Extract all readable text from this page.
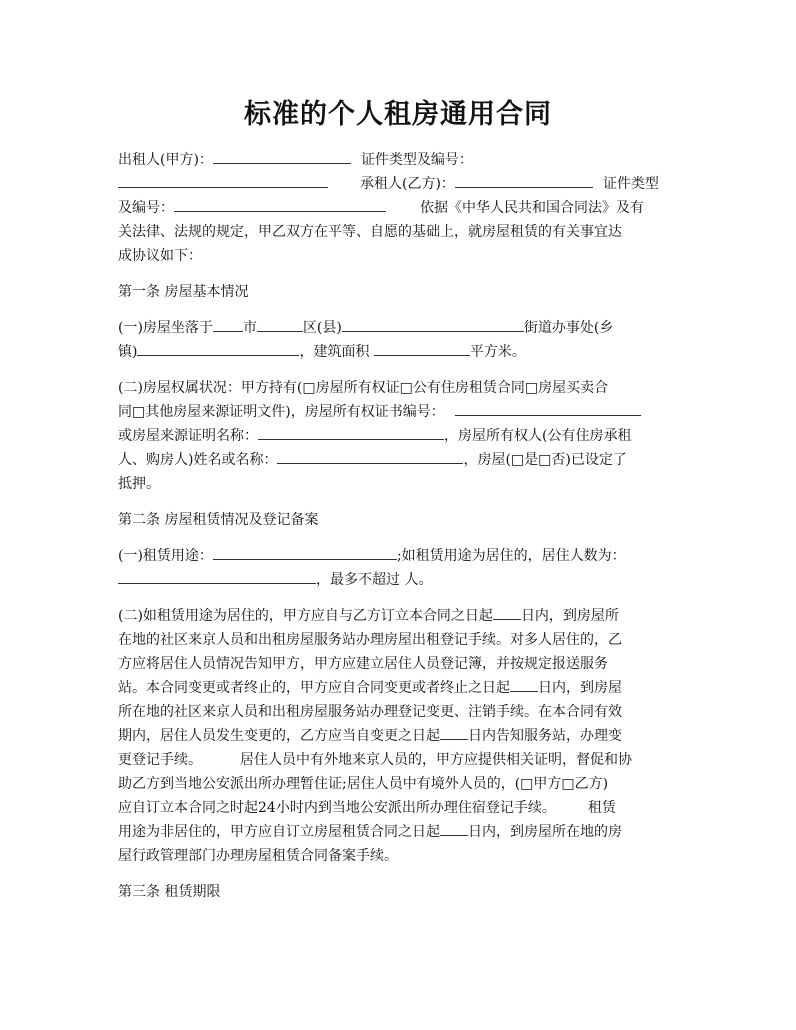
标准的个人租房通用合同
出租人(甲方)：	证件类型及编号：
承租人(乙方)：	证件类型
及编号：	依据《中华人民共和国合同法》及有
关法律、法规的规定，甲乙双方在平等、自愿的基础上，就房屋租赁的有关事宜达
成协议如下：
第一条 房屋基本情况
(一)房屋坐落于 市	区(县)	街道办事处(乡
镇)	，建筑面积	平方米。
(二)房屋权属状况：甲方持有(□房屋所有权证□公有住房租赁合同□房屋买卖合
同□其他房屋来源证明文件)，房屋所有权证书编号：
或房屋来源证明名称：	，房屋所有权人(公有住房承租
人、购房人)姓名或名称：	，房屋(□是□否)已设定了
抵押。
第二条 房屋租赁情况及登记备案
(一)租赁用途：	;如租赁用途为居住的，居住人数为：
，最多不超过 人。
(二)如租赁用途为居住的，甲方应自与乙方订立本合同之日起 日内，到房屋所
在地的社区来京人员和出租房屋服务站办理房屋出租登记手续。对多人居住的，乙
方应将居住人员情况告知甲方，甲方应建立居住人员登记簿，并按规定报送服务
站。本合同变更或者终止的，甲方应自合同变更或者终止之日起 日内，到房屋
所在地的社区来京人员和出租房屋服务站办理登记变更、注销手续。在本合同有效
期内，居住人员发生变更的，乙方应当自变更之日起 日内告知服务站，办理变
更登记手续。	居住人员中有外地来京人员的，甲方应提供相关证明，督促和协
助乙方到当地公安派出所办理暂住证;居住人员中有境外人员的，(□甲方□乙方)
应自订立本合同之时起24小时内到当地公安派出所办理住宿登记手续。 租赁
用途为非居住的，甲方应自订立房屋租赁合同之日起 日内，到房屋所在地的房
屋行政管理部门办理房屋租赁合同备案手续。
第三条 租赁期限
